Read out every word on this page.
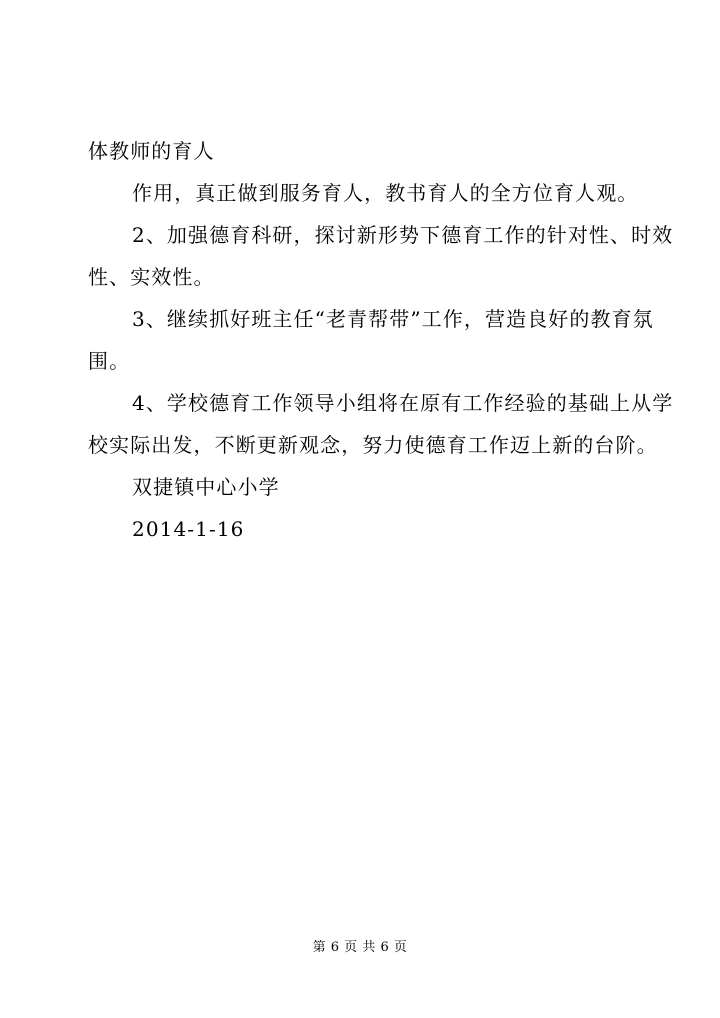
体教师的育人
作用，真正做到服务育人，教书育人的全方位育人观。
2、加强德育科研，探讨新形势下德育工作的针对性、时效
性、实效性。
3、继续抓好班主任“老青帮带”工作，营造良好的教育氛
围。
4、学校德育工作领导小组将在原有工作经验的基础上从学
校实际出发，不断更新观念，努力使德育工作迈上新的台阶。
双捷镇中心小学
2014-1-16
第 6 页 共 6 页
